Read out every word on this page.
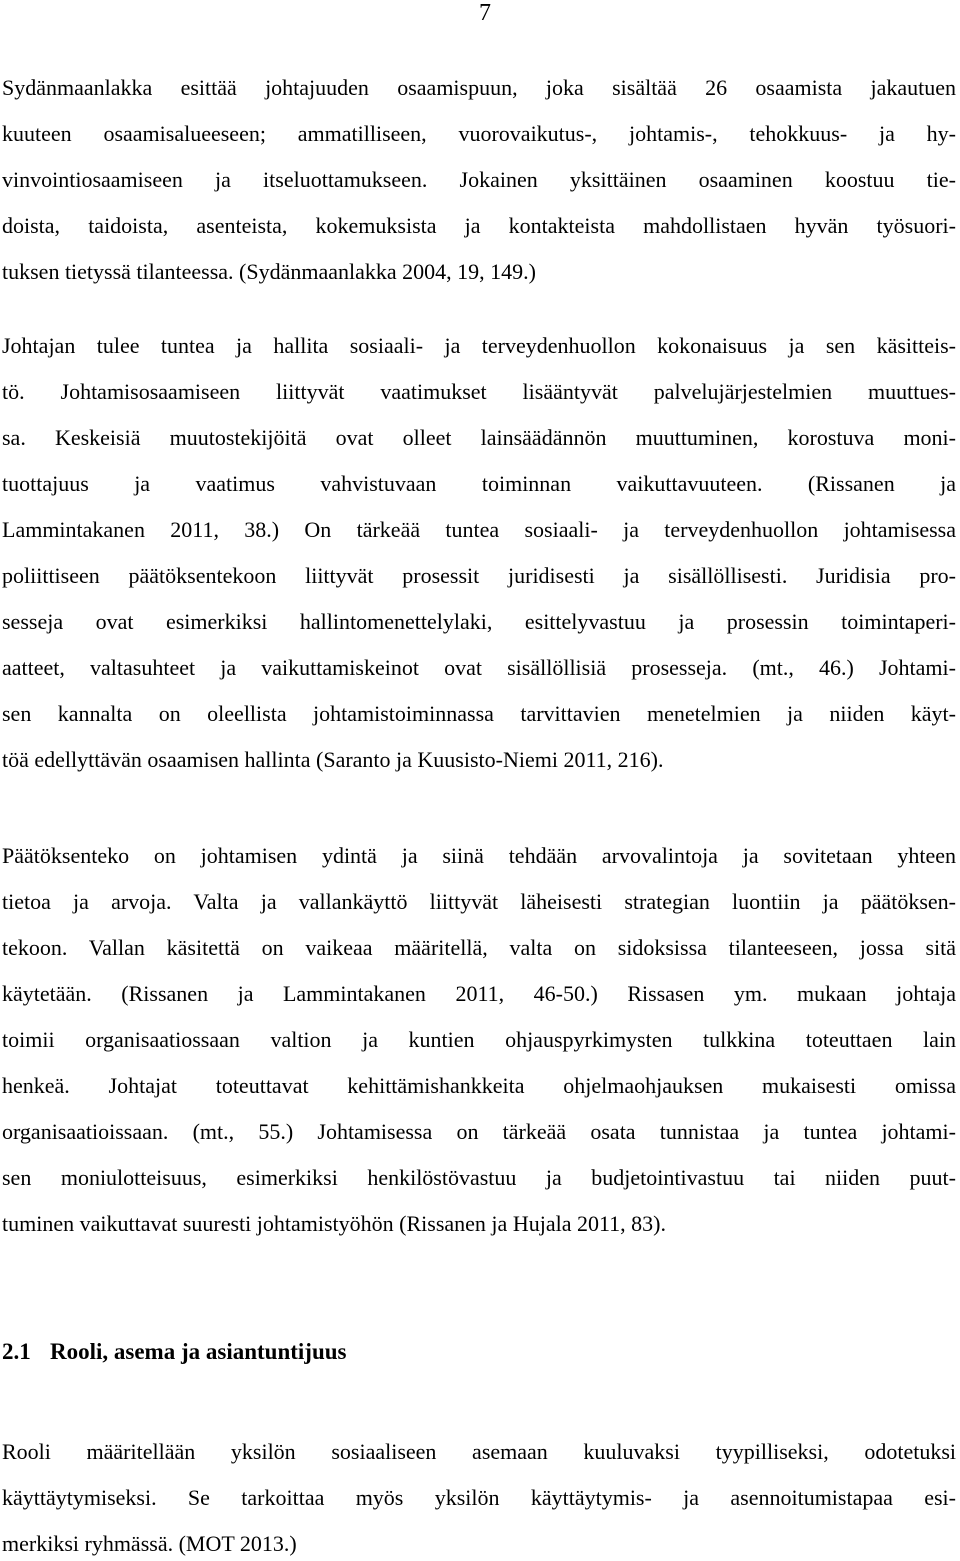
7
Sydänmaanlakka esittää johtajuuden osaamispuun, joka sisältää 26 osaamista jakautuen
kuuteen osaamisalueeseen; ammatilliseen, vuorovaikutus-, johtamis-, tehokkuus- ja hy-
vinvointiosaamiseen ja itseluottamukseen. Jokainen yksittäinen osaaminen koostuu tie-
doista, taidoista, asenteista, kokemuksista ja kontakteista mahdollistaen hyvän työsuori-
tuksen tietyssä tilanteessa. (Sydänmaanlakka 2004, 19, 149.)
Johtajan tulee tuntea ja hallita sosiaali- ja terveydenhuollon kokonaisuus ja sen käsitteis-
tö. Johtamisosaamiseen liittyvät vaatimukset lisääntyvät palvelujärjestelmien muuttues-
sa. Keskeisiä muutostekijöitä ovat olleet lainsäädännön muuttuminen, korostuva moni-
tuottajuus ja vaatimus vahvistuvaan toiminnan vaikuttavuuteen. (Rissanen ja
Lammintakanen 2011, 38.) On tärkeää tuntea sosiaali- ja terveydenhuollon johtamisessa
poliittiseen päätöksentekoon liittyvät prosessit juridisesti ja sisällöllisesti. Juridisia pro-
sesseja ovat esimerkiksi hallintomenettelylaki, esittelyvastuu ja prosessin toimintaperi-
aatteet, valtasuhteet ja vaikuttamiskeinot ovat sisällöllisiä prosesseja. (mt., 46.) Johtami-
sen kannalta on oleellista johtamistoiminnassa tarvittavien menetelmien ja niiden käyt-
töä edellyttävän osaamisen hallinta (Saranto ja Kuusisto-Niemi 2011, 216).
Päätöksenteko on johtamisen ydintä ja siinä tehdään arvovalintoja ja sovitetaan yhteen
tietoa ja arvoja. Valta ja vallankäyttö liittyvät läheisesti strategian luontiin ja päätöksen-
tekoon. Vallan käsitettä on vaikeaa määritellä, valta on sidoksissa tilanteeseen, jossa sitä
käytetään. (Rissanen ja Lammintakanen 2011, 46-50.) Rissasen ym. mukaan johtaja
toimii organisaatiossaan valtion ja kuntien ohjauspyrkimysten tulkkina toteuttaen lain
henkeä. Johtajat toteuttavat kehittämishankkeita ohjelmaohjauksen mukaisesti omissa
organisaatioissaan. (mt., 55.) Johtamisessa on tärkeää osata tunnistaa ja tuntea johtami-
sen moniulotteisuus, esimerkiksi henkilöstövastuu ja budjetointivastuu tai niiden puut-
tuminen vaikuttavat suuresti johtamistyöhön (Rissanen ja Hujala 2011, 83).
2.1 Rooli, asema ja asiantuntijuus
Rooli määritellään yksilön sosiaaliseen asemaan kuuluvaksi tyypilliseksi, odotetuksi
käyttäytymiseksi. Se tarkoittaa myös yksilön käyttäytymis- ja asennoitumistapaa esi-
merkiksi ryhmässä. (MOT 2013.)
